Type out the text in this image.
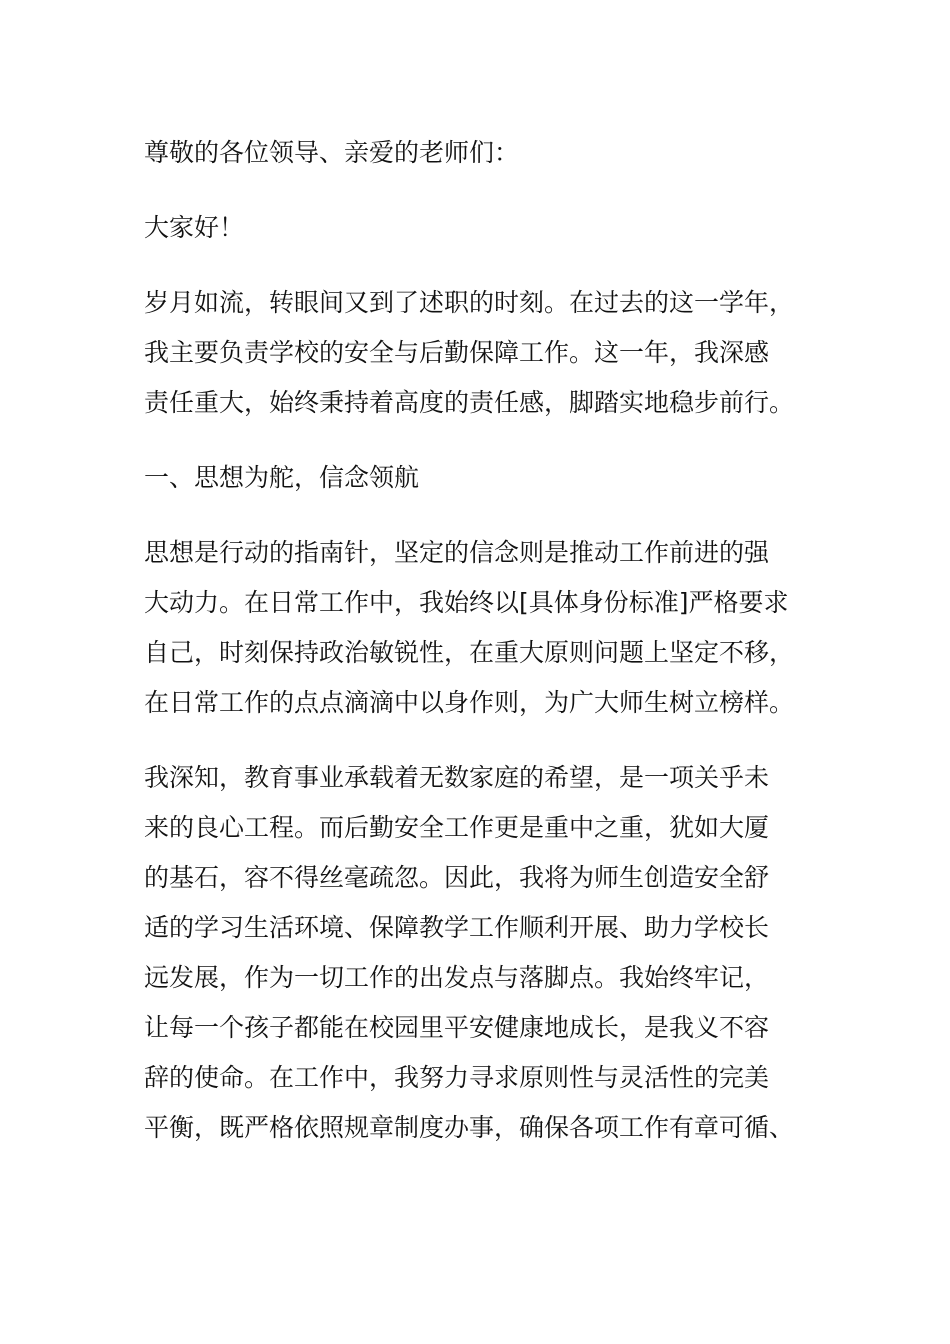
尊敬的各位领导、亲爱的老师们：
大家好！
岁月如流，转眼间又到了述职的时刻。在过去的这一学年，
我主要负责学校的安全与后勤保障工作。这一年，我深感
责任重大，始终秉持着高度的责任感，脚踏实地稳步前行。
一、思想为舵，信念领航
思想是行动的指南针，坚定的信念则是推动工作前进的强
大动力。在日常工作中，我始终以[具体身份标准]严格要求
自己，时刻保持政治敏锐性，在重大原则问题上坚定不移，
在日常工作的点点滴滴中以身作则，为广大师生树立榜样。
我深知，教育事业承载着无数家庭的希望，是一项关乎未
来的良心工程。而后勤安全工作更是重中之重，犹如大厦
的基石，容不得丝毫疏忽。因此，我将为师生创造安全舒
适的学习生活环境、保障教学工作顺利开展、助力学校长
远发展，作为一切工作的出发点与落脚点。我始终牢记，
让每一个孩子都能在校园里平安健康地成长，是我义不容
辞的使命。在工作中，我努力寻求原则性与灵活性的完美
平衡，既严格依照规章制度办事，确保各项工作有章可循、
